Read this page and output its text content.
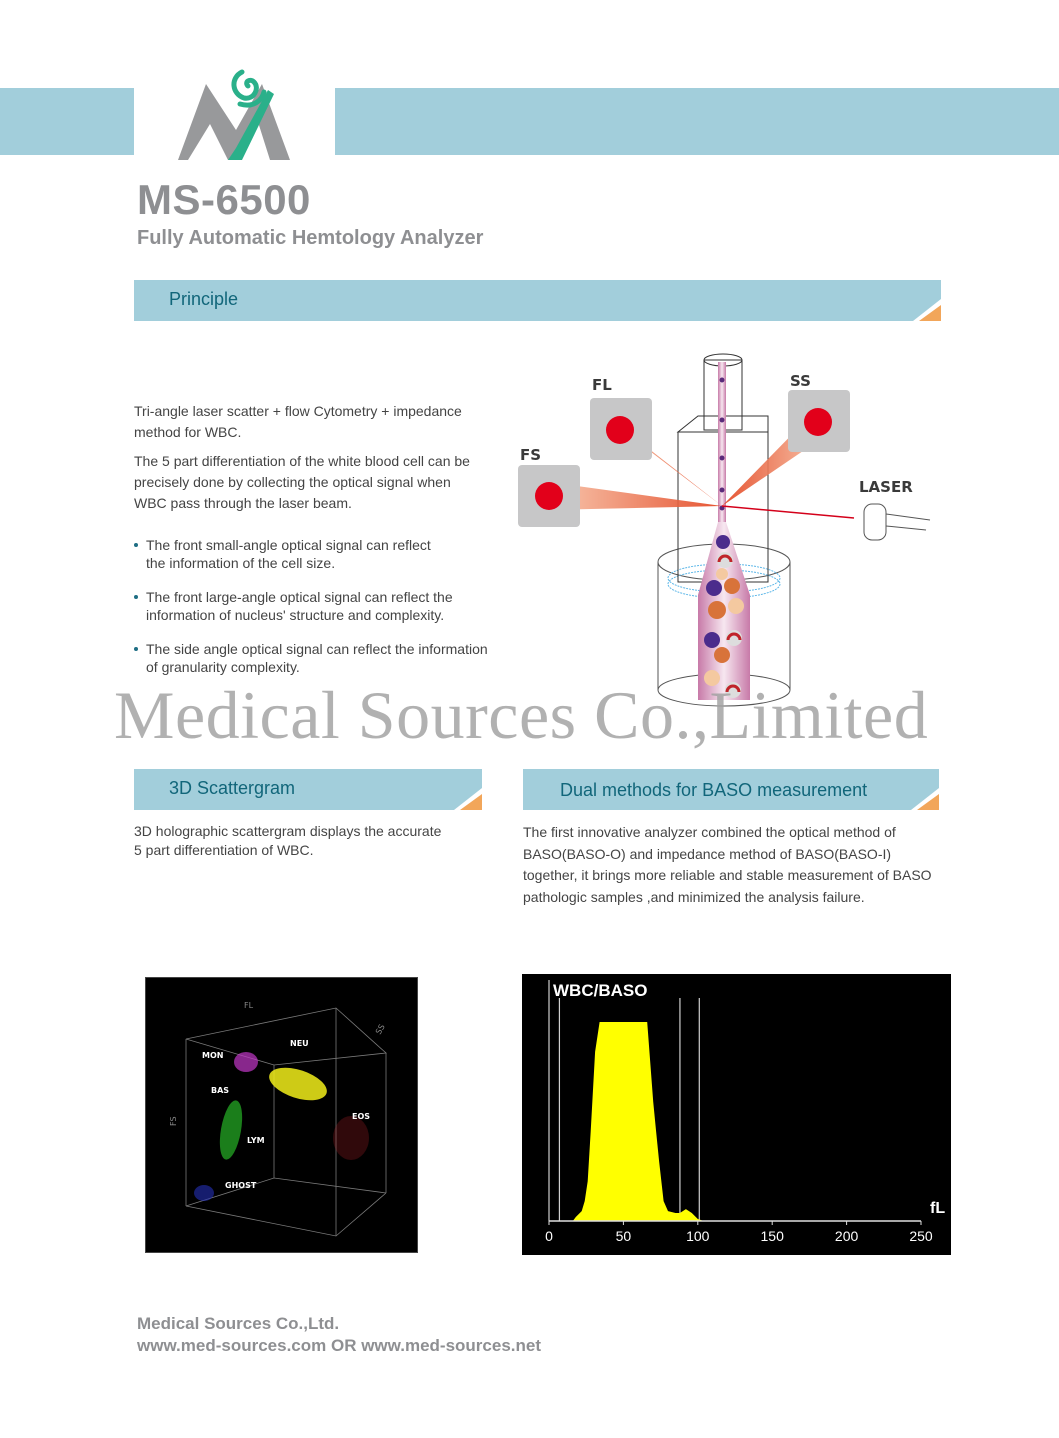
MS-6500
Fully Automatic Hemtology Analyzer
Principle

Tri-angle laser scatter + flow Cytometry + impedance
method for WBC.

The 5 part differentiation of the white blood cell can be
precisely done by collecting the optical signal when
WBC pass through the laser beam.

The front small-angle optical signal can reflect
the information of the cell size.
The front large-angle optical signal can reflect the
information of nucleus' structure and complexity.
The side angle optical signal can reflect the information
of granularity complexity.
FL	SS
FS
LASER
Medical Sources Co.,Limited
3D Scattergram
3D holographic scattergram displays the accurate
5 part differentiation of WBC.
Dual methods for BASO measurement
The first innovative analyzer combined the optical method of
BASO(BASO-O) and impedance method of BASO(BASO-I)
together, it brings more reliable and stable measurement of BASO
pathologic samples ,and minimized the analysis failure.
FL
FS
SS
MON
NEU
BAS
LYM
EOS
GHOST
WBC/BASO
0	50	100	150	200	250
fL
Medical Sources Co.,Ltd.
www.med-sources.com OR www.med-sources.net
